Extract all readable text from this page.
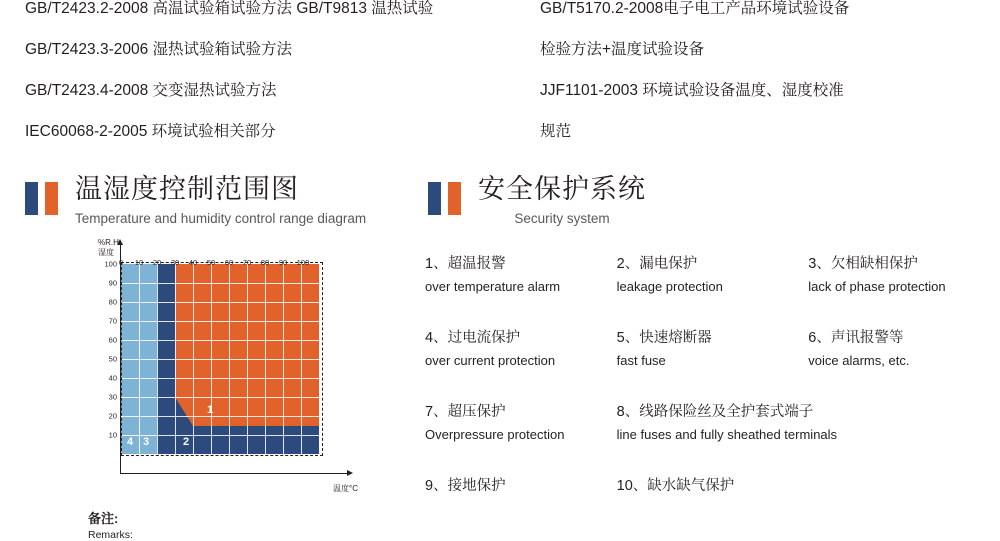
GB/T2423.2-2008 高温试验箱试验方法 GB/T9813 温热试验
GB/T2423.3-2006 湿热试验箱试验方法
GB/T2423.4-2008 交变湿热试验方法
IEC60068-2-2005 环境试验相关部分
温湿度控制范围图
Temperature and humidity control range diagram
%R.H
湿度
温度°C
100
90
80
70
60
50
40
30
20
10
1
2
3
4
0 10 20 30 40 50 60 70 80 90 100
备注:
Remarks:
GB/T5170.2-2008电子电工产品环境试验设备
检验方法+温度试验设备
JJF1101-2003 环境试验设备温度、湿度校准
规范
安全保护系统
Security system
1、超温报警
over temperature alarm
2、漏电保护
leakage protection
3、欠相缺相保护
lack of phase protection
4、过电流保护
over current protection
5、快速熔断器
fast fuse
6、声讯报警等
voice alarms, etc.
7、超压保护
Overpressure protection
8、线路保险丝及全护套式端子
line fuses and fully sheathed terminals
9、接地保护	10、缺水缺气保护
